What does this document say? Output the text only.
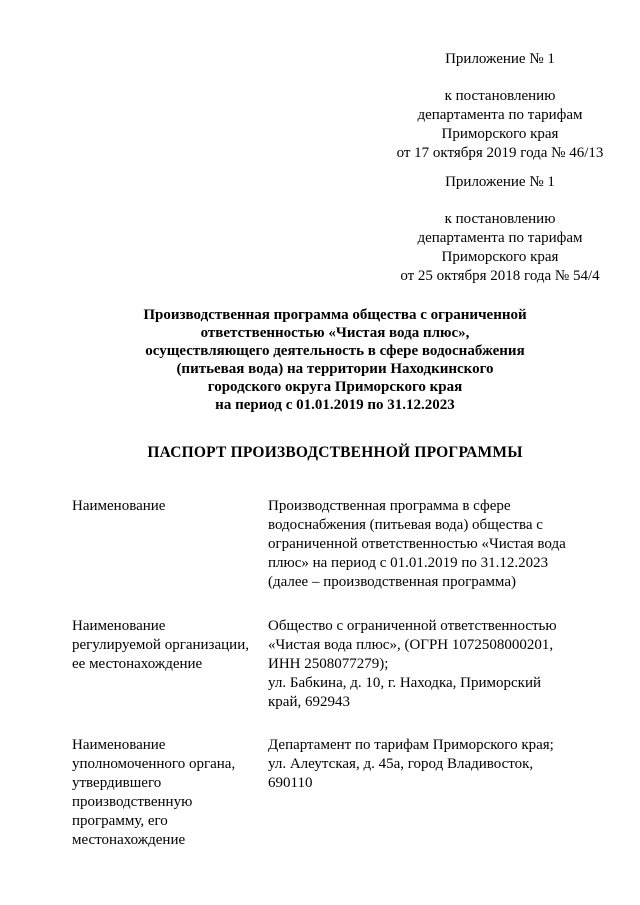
Приложение № 1
к постановлению
департамента по тарифам
Приморского края
от 17 октября 2019 года № 46/13
Приложение № 1
к постановлению
департамента по тарифам
Приморского края
от 25 октября 2018 года № 54/4
Производственная программа общества с ограниченной
ответственностью «Чистая вода плюс»,
осуществляющего деятельность в сфере водоснабжения
(питьевая вода) на территории Находкинского
городского округа Приморского края
на период с 01.01.2019 по 31.12.2023
ПАСПОРТ ПРОИЗВОДСТВЕННОЙ ПРОГРАММЫ
Наименование	Производственная программа в сфере
водоснабжения (питьевая вода) общества с
ограниченной ответственностью «Чистая вода
плюс» на период с 01.01.2019 по 31.12.2023
(далее – производственная программа)
Наименование
регулируемой организации,
ее местонахождение
Общество с ограниченной ответственностью
«Чистая вода плюс», (ОГРН 1072508000201,
ИНН 2508077279);
ул. Бабкина, д. 10, г. Находка, Приморский
край, 692943
Наименование
уполномоченного органа,
утвердившего
производственную
программу, его
местонахождение
Департамент по тарифам Приморского края;
ул. Алеутская, д. 45а, город Владивосток,
690110
